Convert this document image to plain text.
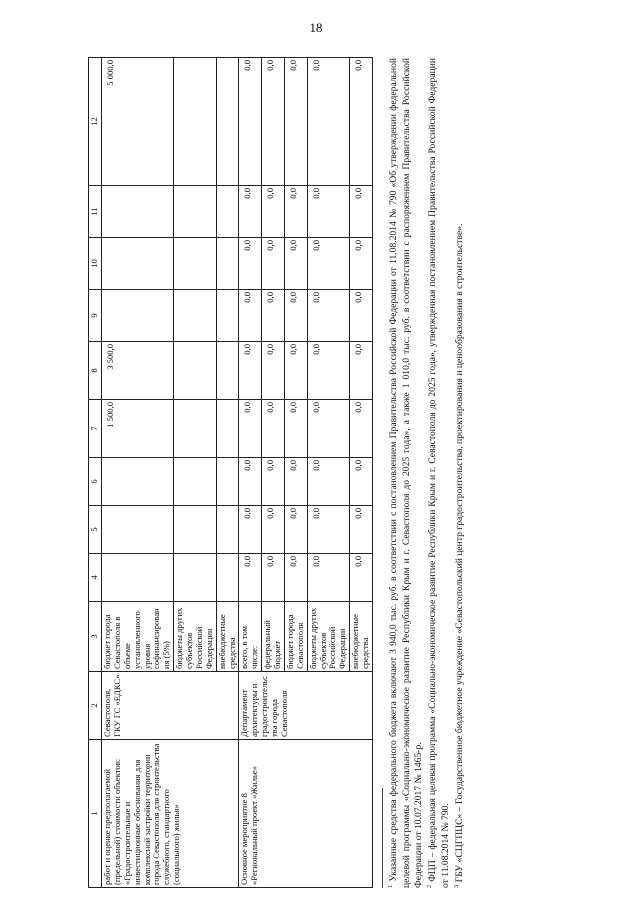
18
1	2	3	4	5	6	7	8	9	10	11	12
работ и оценке предполагаемой (предельной) стоимости объектов: «Градостроительные и инвестиционные обоснования для комплексной застройки территории города Севастополя для строительства служебного, стандартного (социального) жилья»	Севастополя, ГКУ ГС «ЕДКС»	бюджет города Севастополя в объеме установленного уровня софинансирования (5%)				1 500,0	3 500,0				5 000,0
		бюджеты других субъектов Российской Федерации									
		внебюджетные средства									
Основное мероприятие 8 «Региональный проект «Жилье»	Департамент архитектуры и градостроительства города Севастополя	всего, в том числе:	0,0	0,0	0,0	0,0	0,0	0,0	0,0	0,0	0,0
		федеральный бюджет	0,0	0,0	0,0	0,0	0,0	0,0	0,0	0,0	0,0
		бюджет города Севастополя	0,0	0,0	0,0	0,0	0,0	0,0	0,0	0,0	0,0
		бюджеты других субъектов Российской Федерации	0,0	0,0	0,0	0,0	0,0	0,0	0,0	0,0	0,0
		внебюджетные средства	0,0	0,0	0,0	0,0	0,0	0,0	0,0	0,0	0,0

$^1$ Указанные средства федерального бюджета включают 3 940,0 тыс. руб. в соответствии с постановлением Правительства Российской Федерации от 11.08.2014 № 790 «Об утверждении федеральной целевой программы «Социально-экономическое развитие Республики Крым и г. Севастополя до 2025 года», а также 1 010,0 тыс. руб. в соответствии с распоряжением Правительства Российской Федерации от 10.07.2017 № 1465-р. $^2$ ФЦП – федеральная целевая программа «Социально-экономическое развитие Республики Крым и г. Севастополя до 2025 года», утвержденная постановлением Правительства Российской Федерации от 11.08.2014 № 790. $^3$ ГБУ «СЦГПЦС» – Государственное бюджетное учреждение «Севастопольский центр градостроительства, проектирования и ценообразования в строительстве».
